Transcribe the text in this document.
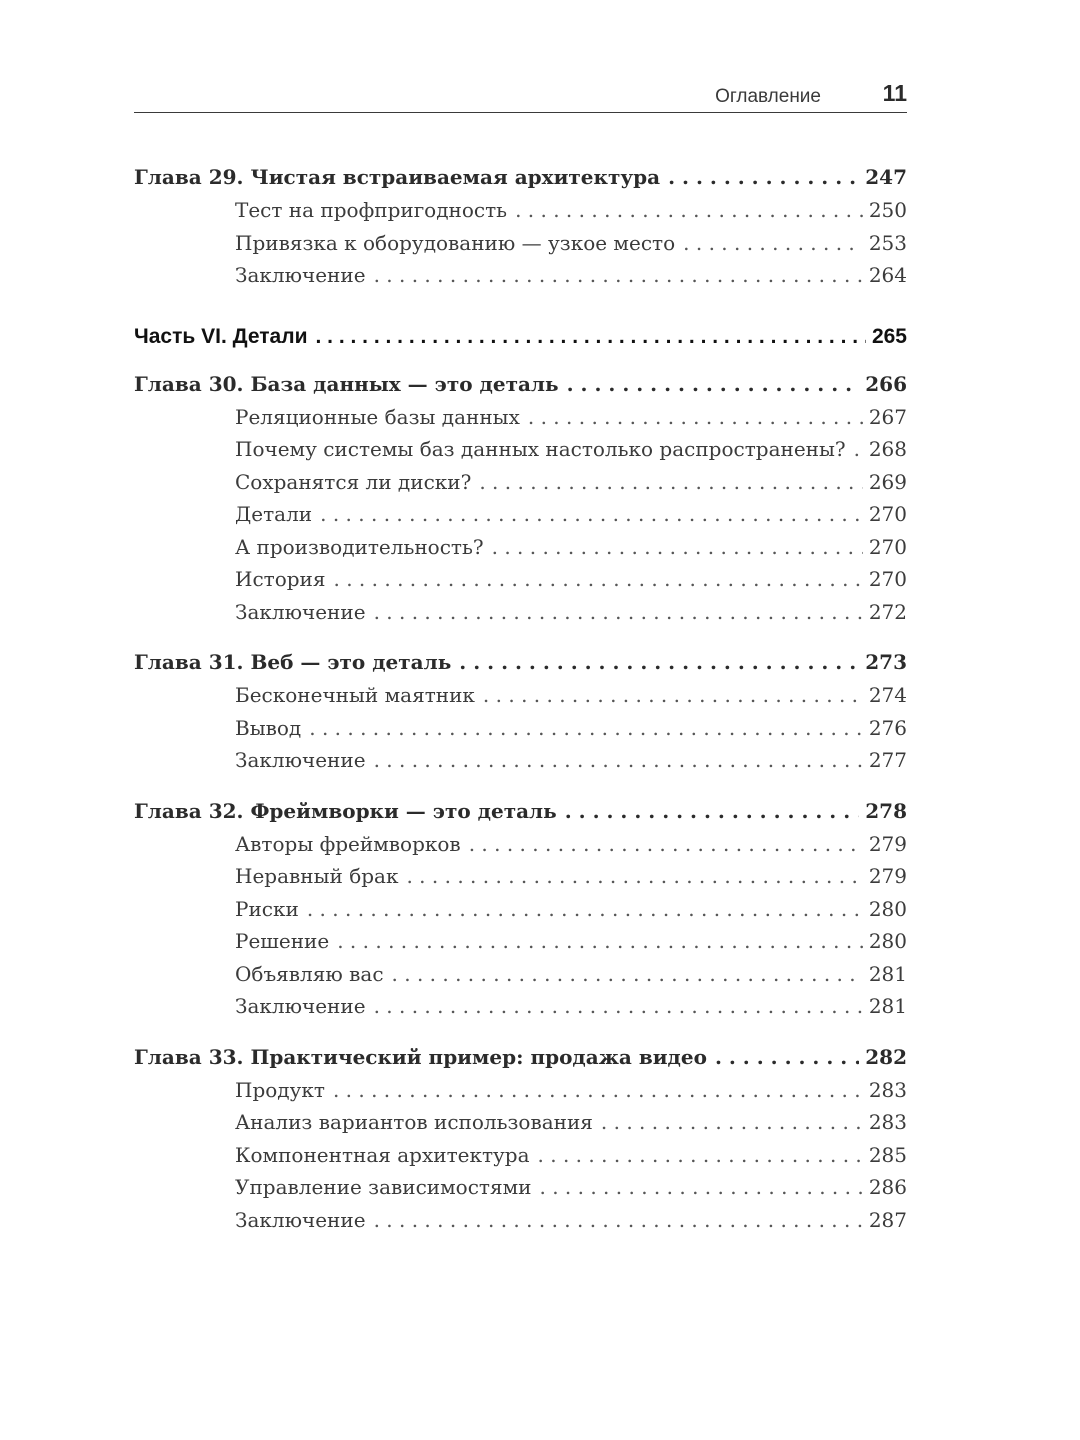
Оглавление	11
Глава 29. Чистая встраиваемая архитектура . . .	247
Тест на профпригодность . . .	250
Привязка к оборудованию — узкое место . . .	253
Заключение . . .	264
Часть VI. Детали . . .	265
Глава 30. База данных — это деталь . . .	266
Реляционные базы данных . . .	267
Почему системы баз данных настолько распространены? . . . 268
Сохранятся ли диски? . . .	269
Детали . . .	270
А производительность? . . .	270
История . . .	270
Заключение . . .	272
Глава 31. Веб — это деталь . . .	273
Бесконечный маятник . . .	274
Вывод . . .	276
Заключение . . .	277
Глава 32. Фреймворки — это деталь . . .	278
Авторы фреймворков . . .	279
Неравный брак . . .	279
Риски . . .	280
Решение . . .	280
Объявляю вас . . .	281
Заключение . . .	281
Глава 33. Практический пример: продажа видео . . .	282
Продукт . . .	283
Анализ вариантов использования . . .	283
Компонентная архитектура . . .	285
Управление зависимостями . . .	286
Заключение . . .	287
